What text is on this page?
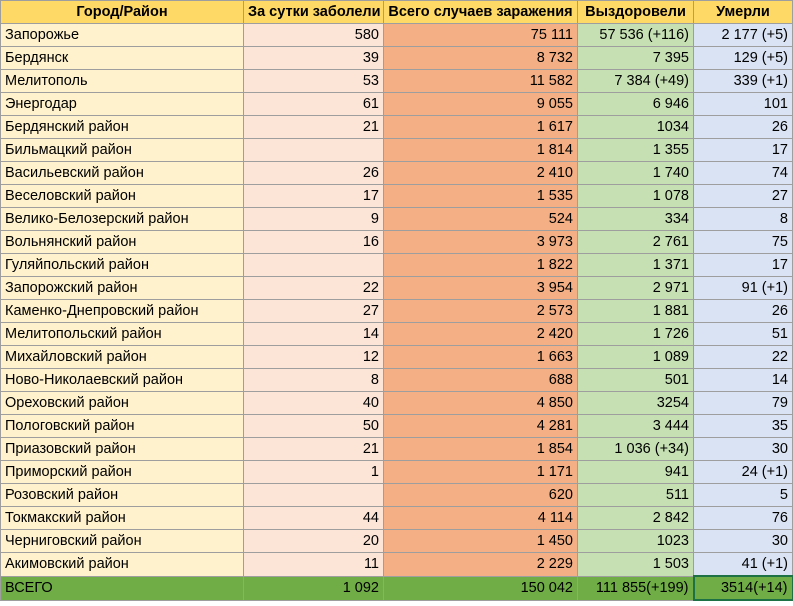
Город/Район	За сутки заболели	Всего случаев заражения	Выздоровели	Умерли
Запорожье	580	75 111	57 536 (+116)	2 177 (+5)
Бердянск	39	8 732	7 395	129 (+5)
Мелитополь	53	11 582	7 384 (+49)	339 (+1)
Энергодар	61	9 055	6 946	101
Бердянский район	21	1 617	1034	26
Бильмацкий район		1 814	1 355	17
Васильевский район	26	2 410	1 740	74
Веселовский район	17	1 535	1 078	27
Велико-Белозерский район	9	524	334	8
Вольнянский район	16	3 973	2 761	75
Гуляйпольский район		1 822	1 371	17
Запорожский район	22	3 954	2 971	91 (+1)
Каменко-Днепровский район	27	2 573	1 881	26
Мелитопольский район	14	2 420	1 726	51
Михайловский район	12	1 663	1 089	22
Ново-Николаевский район	8	688	501	14
Ореховский район	40	4 850	3254	79
Пологовский район	50	4 281	3 444	35
Приазовский район	21	1 854	1 036 (+34)	30
Приморский район	1	1 171	941	24 (+1)
Розовский район		620	511	5
Токмакский район	44	4 114	2 842	76
Черниговский район	20	1 450	1023	30
Акимовский район	11	2 229	1 503	41 (+1)
ВСЕГО	1 092	150 042	111 855(+199)	3514(+14)
